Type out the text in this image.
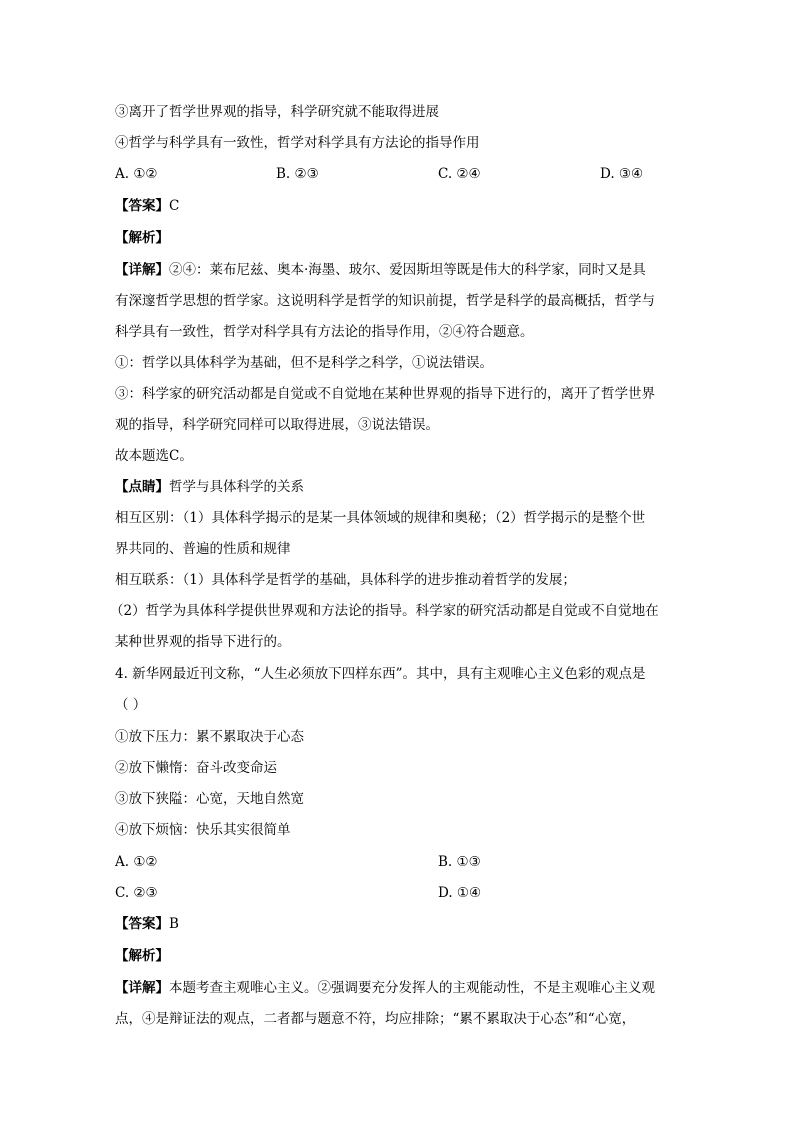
③离开了哲学世界观的指导，科学研究就不能取得进展
④哲学与科学具有一致性，哲学对科学具有方法论的指导作用
A. ①②	B. ②③	C. ②④	D. ③④
【答案】C
【解析】
【详解】②④：莱布尼兹、奥本·海墨、玻尔、爱因斯坦等既是伟大的科学家，同时又是具
有深邃哲学思想的哲学家。这说明科学是哲学的知识前提，哲学是科学的最高概括，哲学与
科学具有一致性，哲学对科学具有方法论的指导作用，②④符合题意。
①：哲学以具体科学为基础，但不是科学之科学，①说法错误。
③：科学家的研究活动都是自觉或不自觉地在某种世界观的指导下进行的，离开了哲学世界
观的指导，科学研究同样可以取得进展，③说法错误。
故本题选C。
【点睛】哲学与具体科学的关系
相互区别：（1）具体科学揭示的是某一具体领域的规律和奥秘；（2）哲学揭示的是整个世
界共同的、普遍的性质和规律
相互联系：（1）具体科学是哲学的基础，具体科学的进步推动着哲学的发展；
（2）哲学为具体科学提供世界观和方法论的指导。科学家的研究活动都是自觉或不自觉地在
某种世界观的指导下进行的。
4. 新华网最近刊文称，“人生必须放下四样东西”。其中，具有主观唯心主义色彩的观点是
（ ）
①放下压力：累不累取决于心态
②放下懒惰：奋斗改变命运
③放下狭隘：心宽，天地自然宽
④放下烦恼：快乐其实很简单
A. ①②	B. ①③
C. ②③	D. ①④
【答案】B
【解析】
【详解】本题考查主观唯心主义。②强调要充分发挥人的主观能动性，不是主观唯心主义观
点，④是辩证法的观点，二者都与题意不符，均应排除；“累不累取决于心态”和“心宽，
